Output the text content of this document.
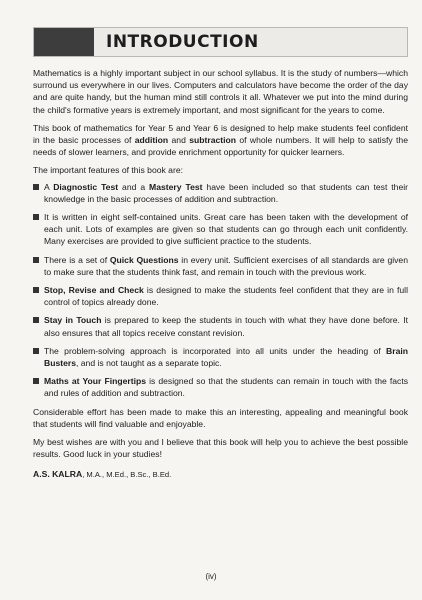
INTRODUCTION

Mathematics is a highly important subject in our school syllabus. It is the study of numbers—which surround us everywhere in our lives. Computers and calculators have become the order of the day and are quite handy, but the human mind still controls it all. Whatever we put into the mind during the child's formative years is extremely important, and most significant for the years to come.

This book of mathematics for Year 5 and Year 6 is designed to help make students feel confident in the basic processes of addition and subtraction of whole numbers. It will help to satisfy the needs of slower learners, and provide enrichment opportunity for quicker learners.

The important features of this book are:

A Diagnostic Test and a Mastery Test have been included so that students can test their knowledge in the basic processes of addition and subtraction.
It is written in eight self-contained units. Great care has been taken with the development of each unit. Lots of examples are given so that students can go through each unit confidently. Many exercises are provided to give sufficient practice to the students.
There is a set of Quick Questions in every unit. Sufficient exercises of all standards are given to make sure that the students think fast, and remain in touch with the previous work.
Stop, Revise and Check is designed to make the students feel confident that they are in full control of topics already done.
Stay in Touch is prepared to keep the students in touch with what they have done before. It also ensures that all topics receive constant revision.
The problem-solving approach is incorporated into all units under the heading of Brain Busters, and is not taught as a separate topic.
Maths at Your Fingertips is designed so that the students can remain in touch with the facts and rules of addition and subtraction.

Considerable effort has been made to make this an interesting, appealing and meaningful book that students will find valuable and enjoyable.

My best wishes are with you and I believe that this book will help you to achieve the best possible results. Good luck in your studies!

A.S. KALRA, M.A., M.Ed., B.Sc., B.Ed.
(iv)
